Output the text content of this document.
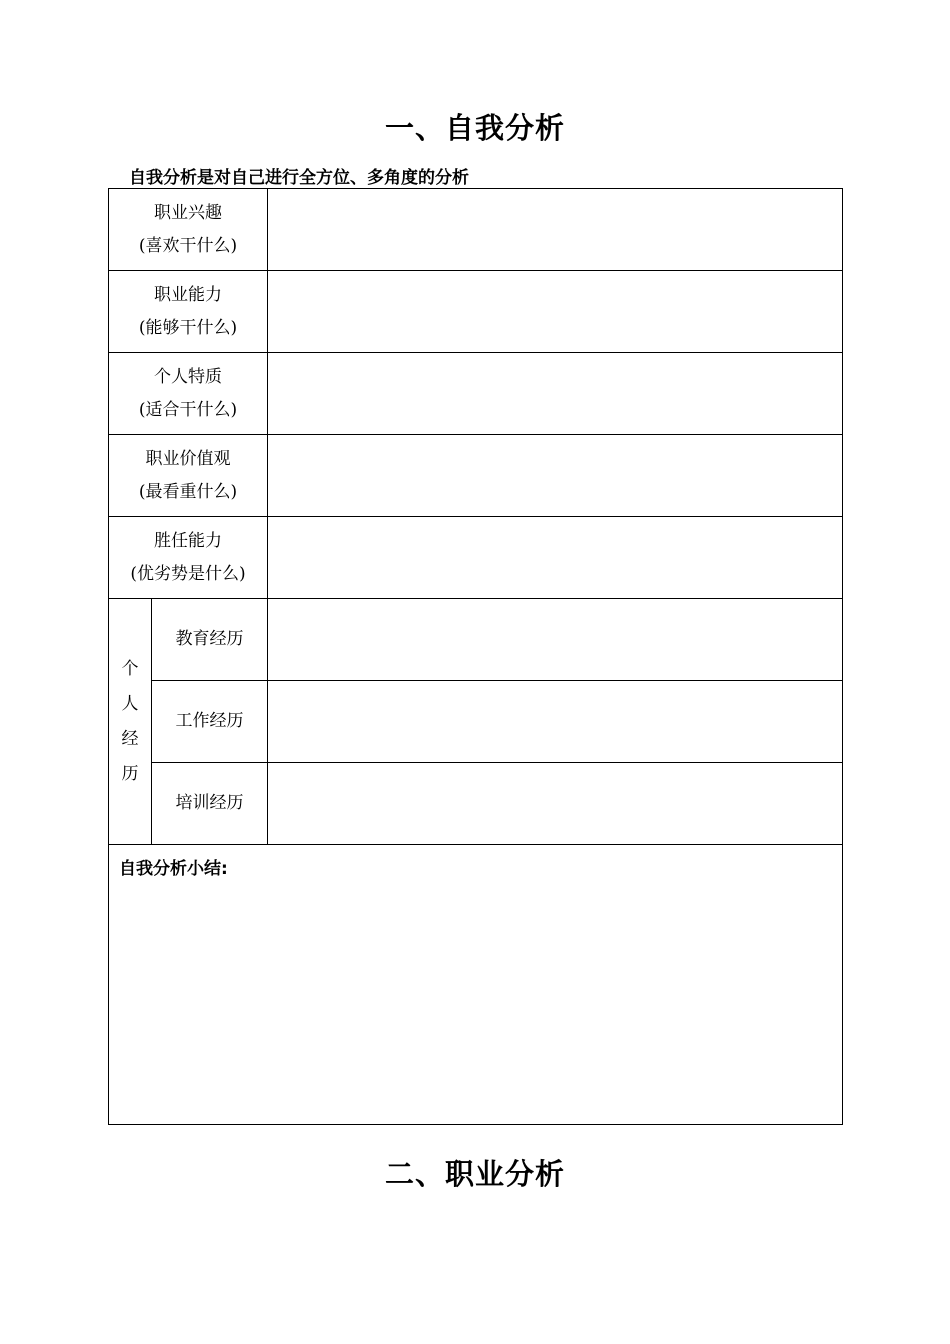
一、自我分析
自我分析是对自己进行全方位、多角度的分析
职业兴趣
(喜欢干什么)		

职业能力
(能够干什么)		

个人特质
(适合干什么)		

职业价值观
(最看重什么)		

胜任能力
(优劣势是什么)		

个
人
经
历	教育经历	
	工作经历	
	培训经历	

自我分析小结:		
二、职业分析
